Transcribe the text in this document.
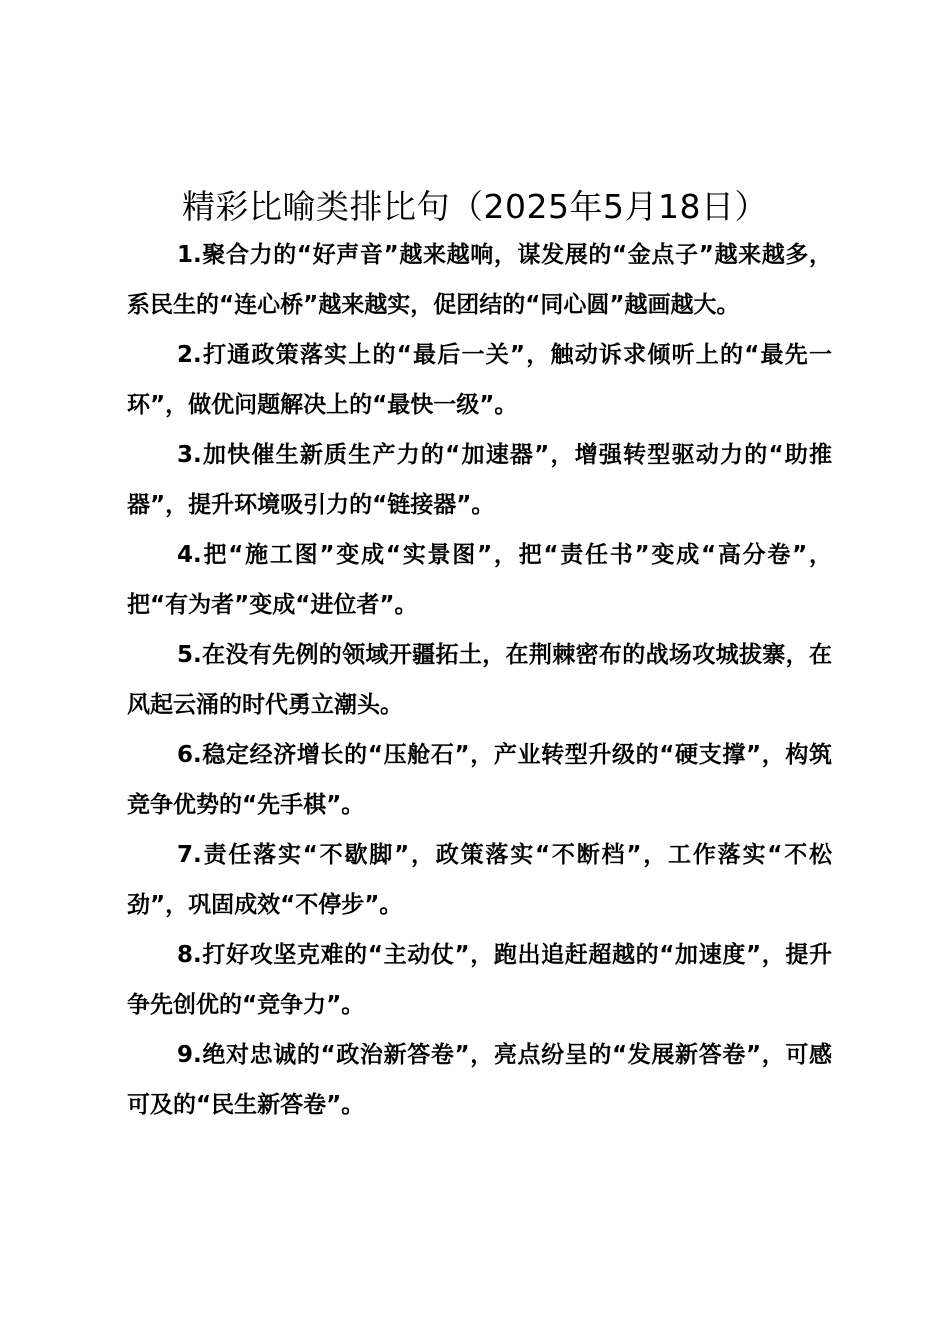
精彩比喻类排比句（2025年5月18日）

1.聚合力的“好声音”越来越响，谋发展的“金点子”越来越多，系民生的“连心桥”越来越实，促团结的“同心圆”越画越大。

2.打通政策落实上的“最后一关”，触动诉求倾听上的“最先一环”，做优问题解决上的“最快一级”。

3.加快催生新质生产力的“加速器”，增强转型驱动力的“助推器”，提升环境吸引力的“链接器”。

4.把“施工图”变成“实景图”，把“责任书”变成“高分卷”，把“有为者”变成“进位者”。

5.在没有先例的领域开疆拓土，在荆棘密布的战场攻城拔寨，在风起云涌的时代勇立潮头。

6.稳定经济增长的“压舱石”，产业转型升级的“硬支撑”，构筑竞争优势的“先手棋”。

7.责任落实“不歇脚”，政策落实“不断档”，工作落实“不松劲”，巩固成效“不停步”。

8.打好攻坚克难的“主动仗”，跑出追赶超越的“加速度”，提升争先创优的“竞争力”。

9.绝对忠诚的“政治新答卷”，亮点纷呈的“发展新答卷”，可感可及的“民生新答卷”。
